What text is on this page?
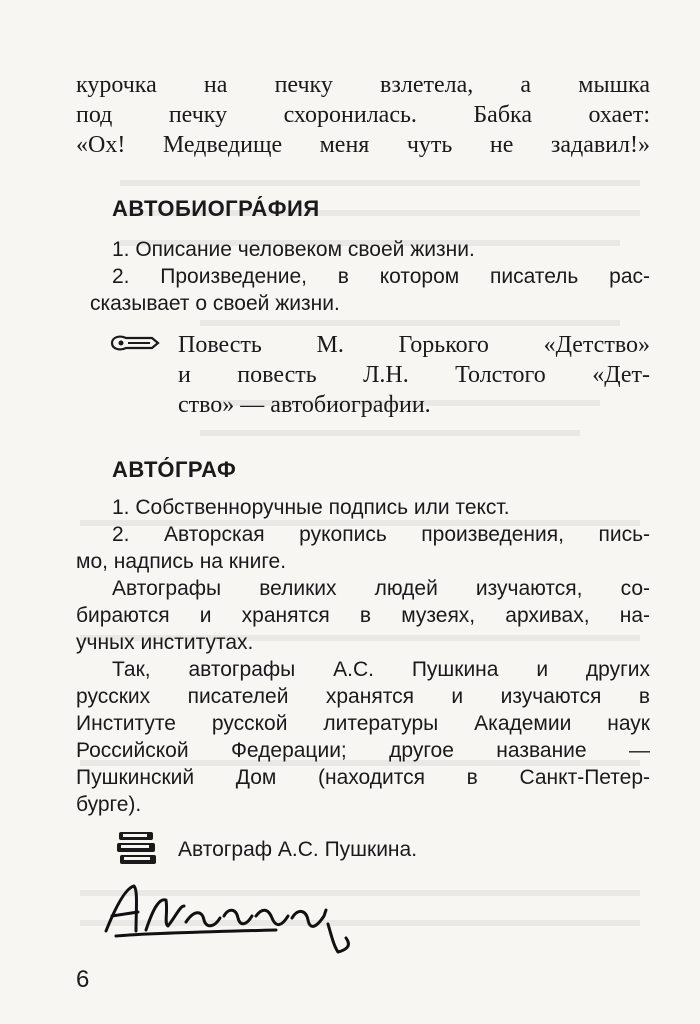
курочка на печку взлетела, а мышка

под печку схоронилась. Бабка охает:

«Ох! Медведище меня чуть не задавил!»

АВТОБИОГРА́ФИЯ

1. Описание человеком своей жизни.

2. Произведение, в котором писатель рас-

сказывает о своей жизни.

Повесть М. Горького «Детство»

и повесть Л.Н. Толстого «Дет-

ство» — автобиографии.

АВТО́ГРАФ

1. Собственноручные подпись или текст.

2. Авторская рукопись произведения, пись-

мо, надпись на книге.

Автографы великих людей изучаются, со-

бираются и хранятся в музеях, архивах, на-

учных институтах.

Так, автографы А.С. Пушкина и других

русских писателей хранятся и изучаются в

Институте русской литературы Академии наук

Российской Федерации; другое название —

Пушкинский Дом (находится в Санкт-Петер-

бурге).

Автограф А.С. Пушкина.

6
